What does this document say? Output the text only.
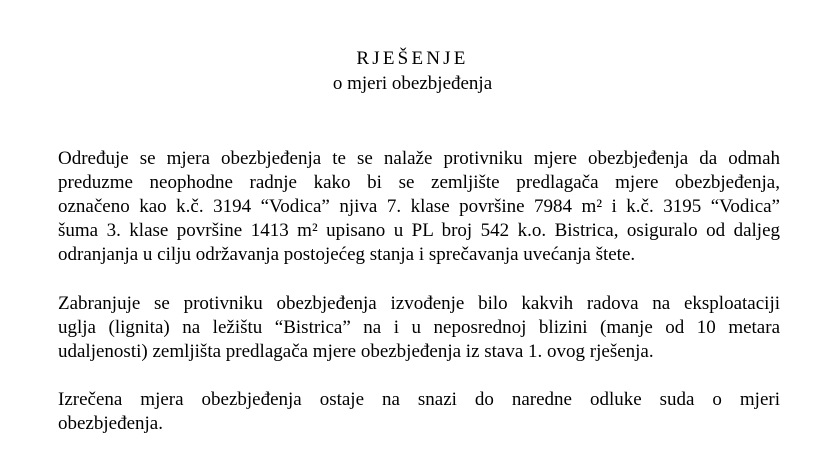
RJEŠENJE
o mjeri obezbjeđenja
Određuje se mjera obezbjeđenja te se nalaže protivniku mjere obezbjeđenja da odmah
preduzme neophodne radnje kako bi se zemljište predlagača mjere obezbjeđenja,
označeno kao k.č. 3194 “Vodica” njiva 7. klase površine 7984 m² i k.č. 3195 “Vodica”
šuma 3. klase površine 1413 m² upisano u PL broj 542 k.o. Bistrica, osiguralo od daljeg
odranjanja u cilju održavanja postojećeg stanja i sprečavanja uvećanja štete.
Zabranjuje se protivniku obezbjeđenja izvođenje bilo kakvih radova na eksploataciji
uglja (lignita) na ležištu “Bistrica” na i u neposrednoj blizini (manje od 10 metara
udaljenosti) zemljišta predlagača mjere obezbjeđenja iz stava 1. ovog rješenja.
Izrečena mjera obezbjeđenja ostaje na snazi do naredne odluke suda o mjeri
obezbjeđenja.
